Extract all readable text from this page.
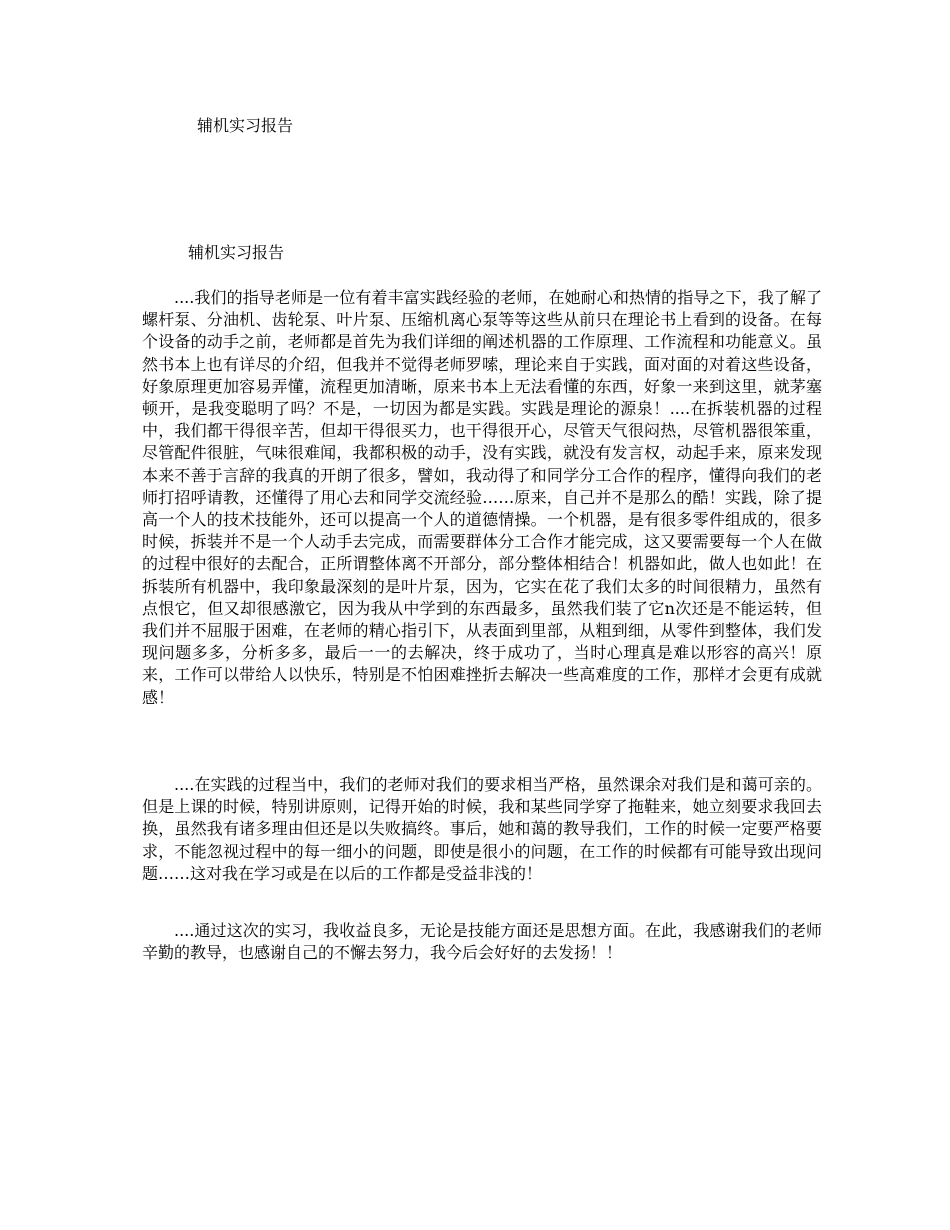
辅机实习报告
辅机实习报告

....我们的指导老师是一位有着丰富实践经验的老师，在她耐心和热情的指导之下，我了解了螺杆泵、分油机、齿轮泵、叶片泵、压缩机离心泵等等这些从前只在理论书上看到的设备。在每个设备的动手之前，老师都是首先为我们详细的阐述机器的工作原理、工作流程和功能意义。虽然书本上也有详尽的介绍，但我并不觉得老师罗嗦，理论来自于实践，面对面的对着这些设备，好象原理更加容易弄懂，流程更加清晰，原来书本上无法看懂的东西，好象一来到这里，就茅塞顿开，是我变聪明了吗？不是，一切因为都是实践。实践是理论的源泉！....在拆装机器的过程中，我们都干得很辛苦，但却干得很买力，也干得很开心，尽管天气很闷热，尽管机器很笨重，尽管配件很脏，气味很难闻，我都积极的动手，没有实践，就没有发言权，动起手来，原来发现本来不善于言辞的我真的开朗了很多，譬如，我动得了和同学分工合作的程序，懂得向我们的老师打招呼请教，还懂得了用心去和同学交流经验……原来，自己并不是那么的酷！实践，除了提高一个人的技术技能外，还可以提高一个人的道德情操。一个机器，是有很多零件组成的，很多时候，拆装并不是一个人动手去完成，而需要群体分工合作才能完成，这又要需要每一个人在做的过程中很好的去配合，正所谓整体离不开部分，部分整体相结合！机器如此，做人也如此！在拆装所有机器中，我印象最深刻的是叶片泵，因为，它实在花了我们太多的时间很精力，虽然有点恨它，但又却很感激它，因为我从中学到的东西最多，虽然我们装了它n次还是不能运转，但我们并不屈服于困难，在老师的精心指引下，从表面到里部，从粗到细，从零件到整体，我们发现问题多多，分析多多，最后一一的去解决，终于成功了，当时心理真是难以形容的高兴！原来，工作可以带给人以快乐，特别是不怕困难挫折去解决一些高难度的工作，那样才会更有成就感！

....在实践的过程当中，我们的老师对我们的要求相当严格，虽然课余对我们是和蔼可亲的。但是上课的时候，特别讲原则，记得开始的时候，我和某些同学穿了拖鞋来，她立刻要求我回去换，虽然我有诸多理由但还是以失败搞终。事后，她和蔼的教导我们，工作的时候一定要严格要求，不能忽视过程中的每一细小的问题，即使是很小的问题，在工作的时候都有可能导致出现问题……这对我在学习或是在以后的工作都是受益非浅的！

....通过这次的实习，我收益良多，无论是技能方面还是思想方面。在此，我感谢我们的老师辛勤的教导，也感谢自己的不懈去努力，我今后会好好的去发扬！！
